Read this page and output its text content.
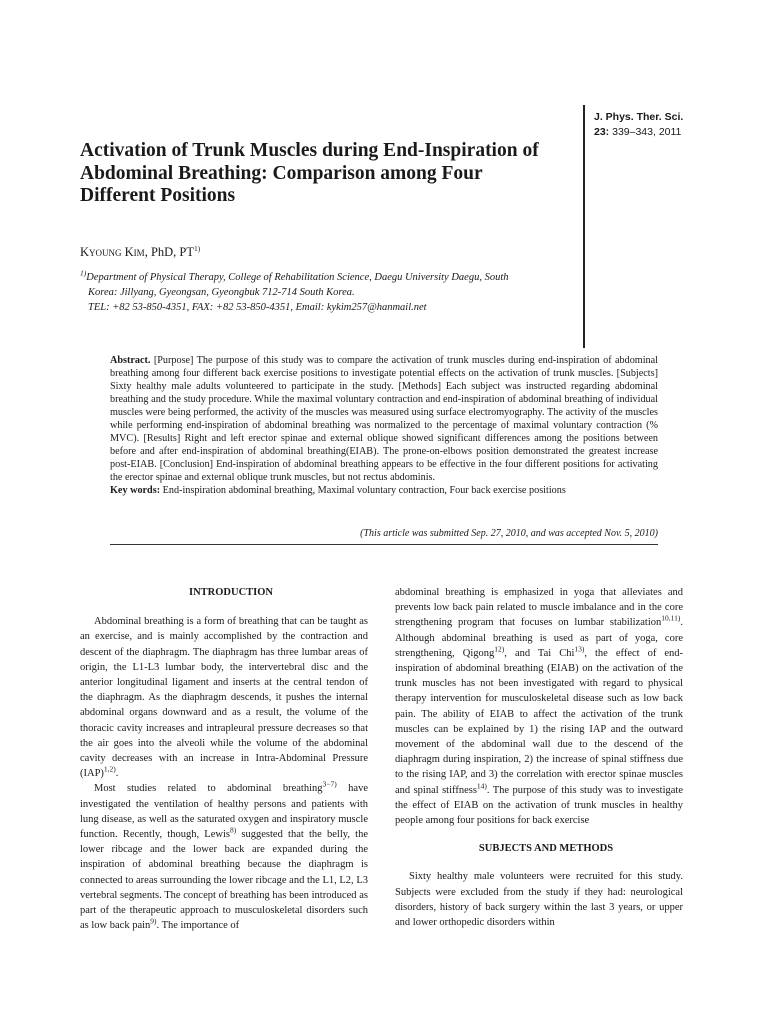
J. Phys. Ther. Sci.
23: 339–343, 2011
Activation of Trunk Muscles during End-Inspiration of Abdominal Breathing: Comparison among Four Different Positions
Kyoung Kim, PhD, PT$^{1)}$
$^{1)}$Department of Physical Therapy, College of Rehabilitation Science, Daegu University Daegu, South
Korea: Jillyang, Gyeongsan, Gyeongbuk 712-714 South Korea.
TEL: +82 53-850-4351, FAX: +82 53-850-4351, Email: kykim257@hanmail.net
Abstract. [Purpose] The purpose of this study was to compare the activation of trunk muscles during end-inspiration of abdominal breathing among four different back exercise positions to investigate potential effects on the activation of trunk muscles. [Subjects] Sixty healthy male adults volunteered to participate in the study. [Methods] Each subject was instructed regarding abdominal breathing and the study procedure. While the maximal voluntary contraction and end-inspiration of abdominal breathing of individual muscles were being performed, the activity of the muscles was measured using surface electromyography. The activity of the muscles while performing end-inspiration of abdominal breathing was normalized to the percentage of maximal voluntary contraction (% MVC). [Results] Right and left erector spinae and external oblique showed significant differences among the positions between before and after end-inspiration of abdominal breathing(EIAB). The prone-on-elbows position demonstrated the greatest increase post-EIAB. [Conclusion] End-inspiration of abdominal breathing appears to be effective in the four different positions for activating the erector spinae and external oblique trunk muscles, but not rectus abdominis.
Key words: End-inspiration abdominal breathing, Maximal voluntary contraction, Four back exercise positions
(This article was submitted Sep. 27, 2010, and was accepted Nov. 5, 2010)

INTRODUCTION

Abdominal breathing is a form of breathing that can be taught as an exercise, and is mainly accomplished by the contraction and descent of the diaphragm. The diaphragm has three lumbar areas of origin, the L1-L3 lumbar body, the intervertebral disc and the anterior longitudinal ligament and inserts at the central tendon of the diaphragm. As the diaphragm descends, it pushes the internal abdominal organs downward and as a result, the volume of the thoracic cavity increases and intrapleural pressure decreases so that the air goes into the alveoli while the volume of the abdominal cavity decreases with an increase in Intra-Abdominal Pressure (IAP)$^{1,2)}$.

Most studies related to abdominal breathing$^{3-7)}$ have investigated the ventilation of healthy persons and patients with lung disease, as well as the saturated oxygen and inspiratory muscle function. Recently, though, Lewis$^{8)}$ suggested that the belly, the lower ribcage and the lower back are expanded during the inspiration of abdominal breathing because the diaphragm is connected to areas surrounding the lower ribcage and the L1, L2, L3 vertebral segments. The concept of breathing has been introduced as part of the therapeutic approach to musculoskeletal disorders such as low back pain$^{9)}$. The importance of

abdominal breathing is emphasized in yoga that alleviates and prevents low back pain related to muscle imbalance and in the core strengthening program that focuses on lumbar stabilization$^{10,11)}$. Although abdominal breathing is used as part of yoga, core strengthening, Qigong$^{12)}$, and Tai Chi$^{13)}$, the effect of end-inspiration of abdominal breathing (EIAB) on the activation of the trunk muscles has not been investigated with regard to physical therapy intervention for musculoskeletal disease such as low back pain. The ability of EIAB to affect the activation of the trunk muscles can be explained by 1) the rising IAP and the outward movement of the abdominal wall due to the descend of the diaphragm during inspiration, 2) the increase of spinal stiffness due to the rising IAP, and 3) the correlation with erector spinae muscles and spinal stiffness$^{14)}$. The purpose of this study was to investigate the effect of EIAB on the activation of trunk muscles in healthy people among four positions for back exercise

SUBJECTS AND METHODS

Sixty healthy male volunteers were recruited for this study. Subjects were excluded from the study if they had: neurological disorders, history of back surgery within the last 3 years, or upper and lower orthopedic disorders within
